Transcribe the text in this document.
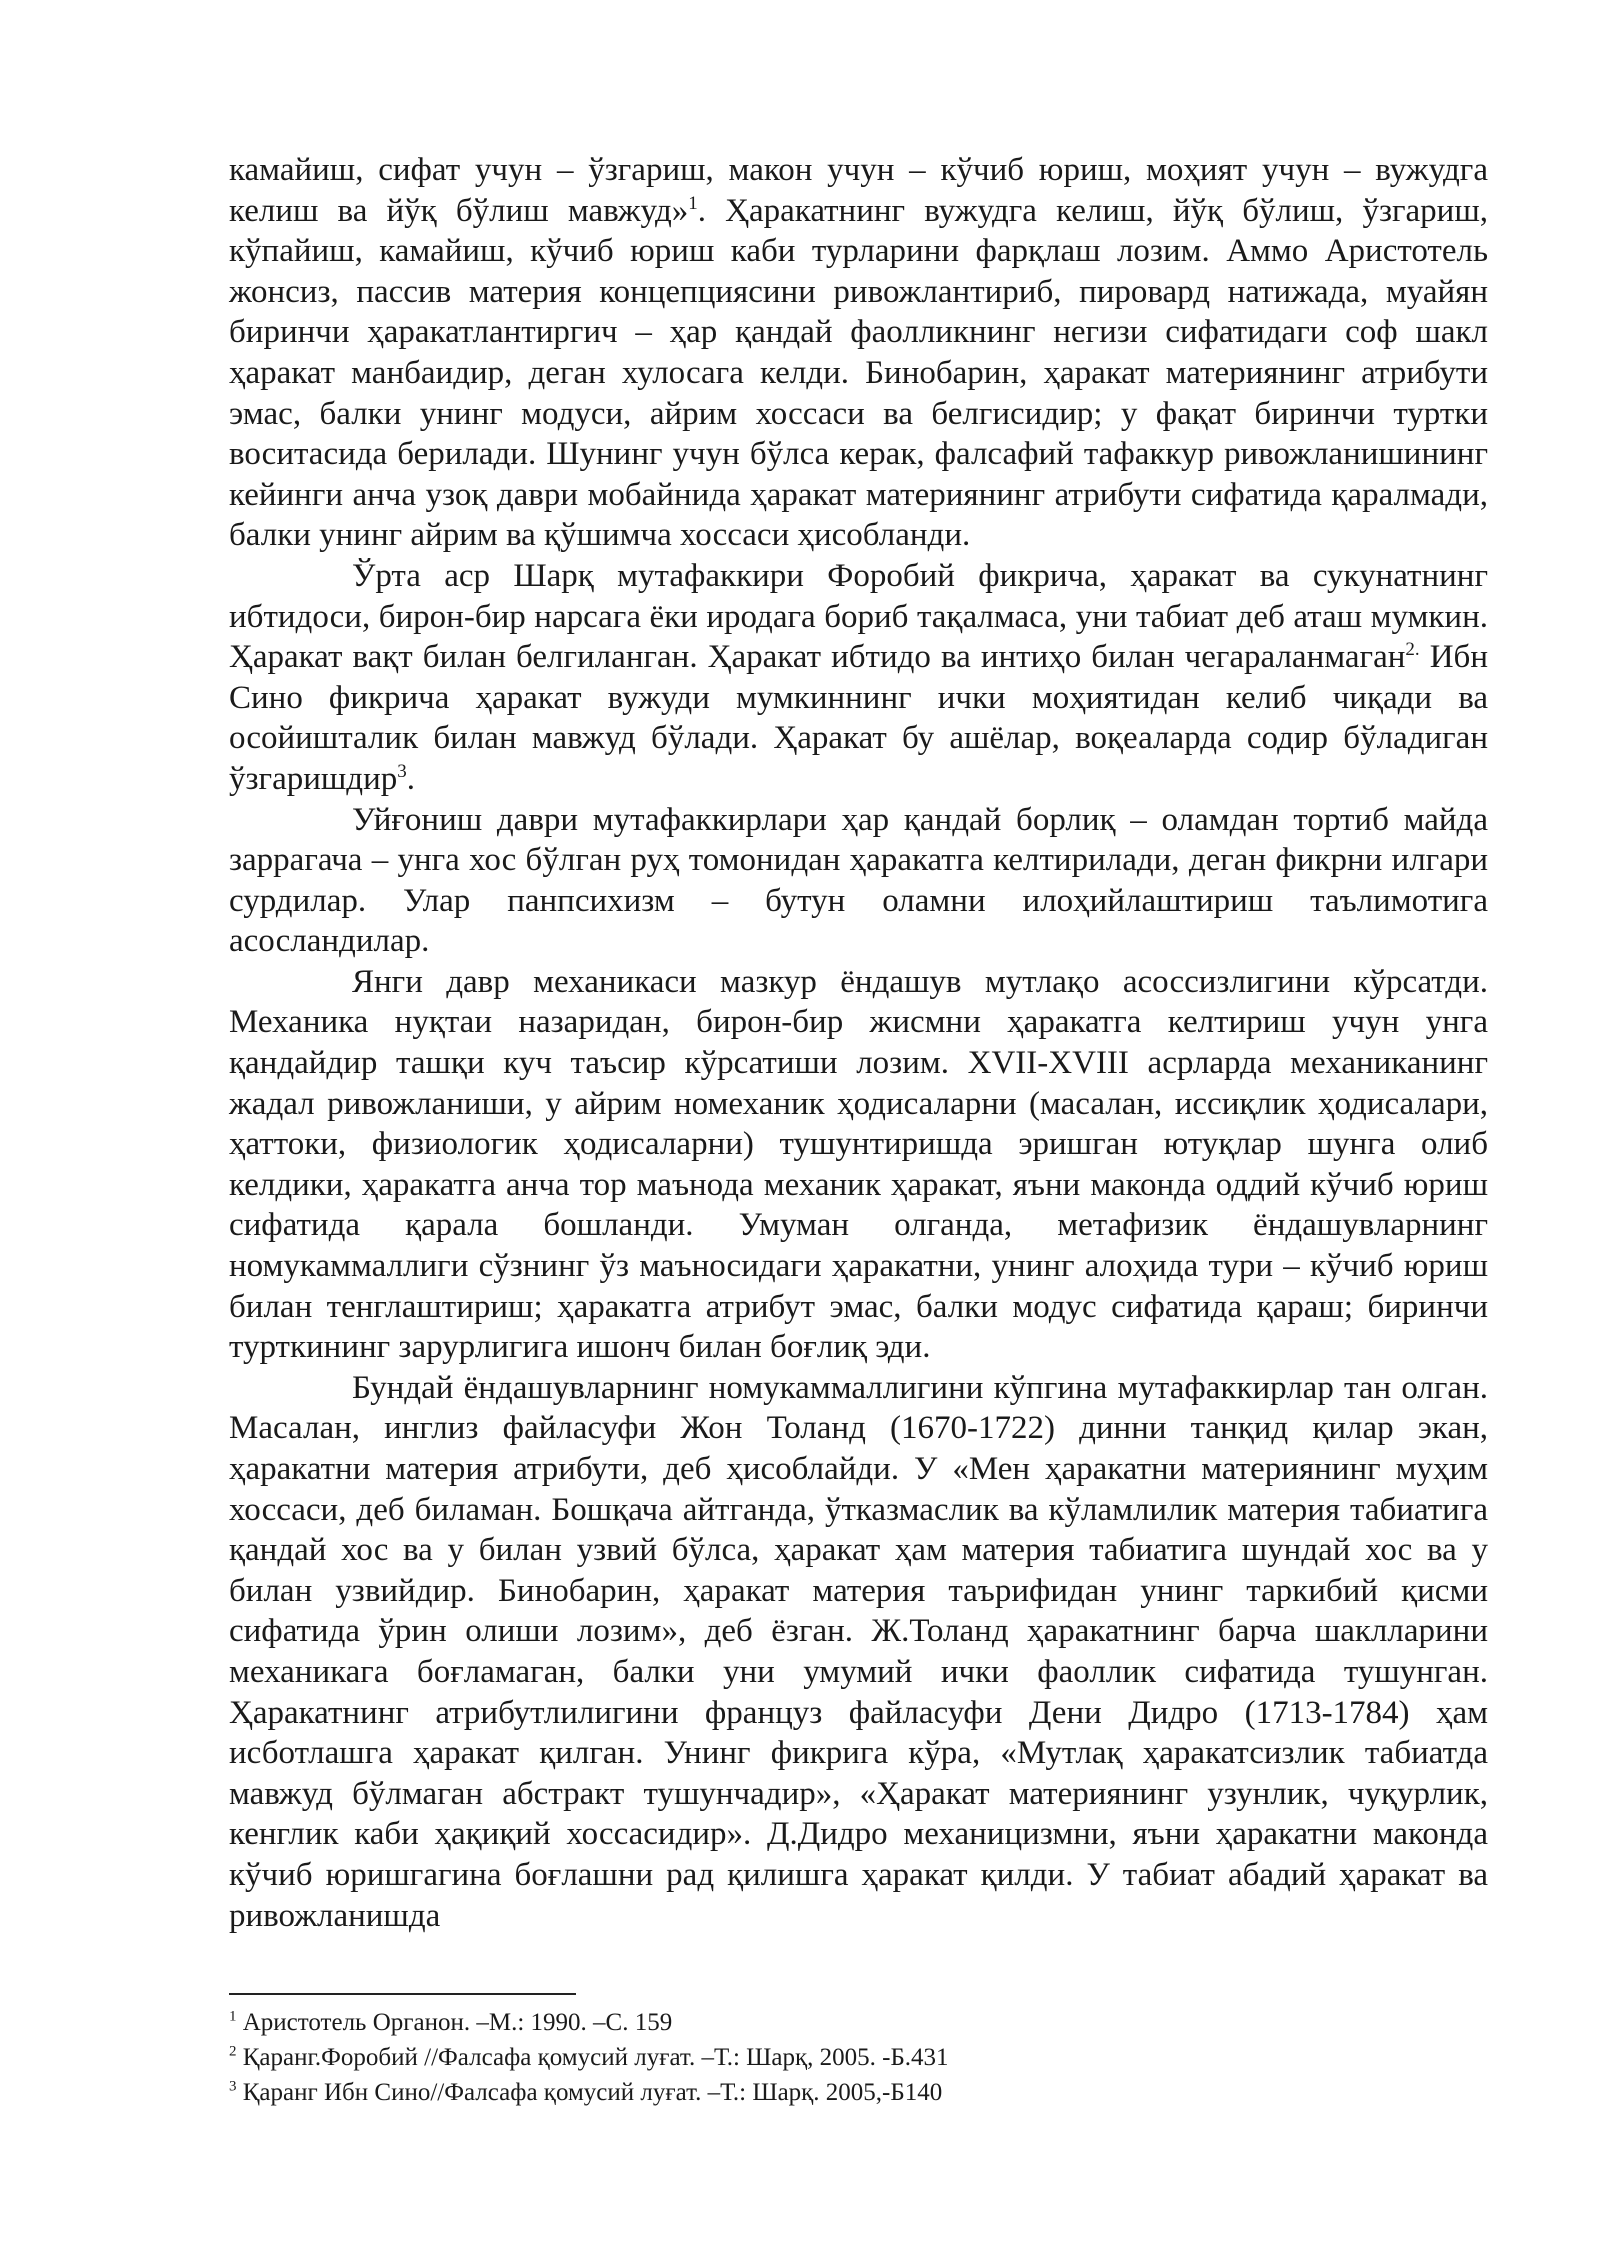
камайиш, сифат учун – ўзгариш, макон учун – кўчиб юриш, моҳият учун – вужудга келиш ва йўқ бўлиш мавжуд»$^1$. Ҳаракатнинг вужудга келиш, йўқ бўлиш, ўзгариш, кўпайиш, камайиш, кўчиб юриш каби турларини фарқлаш лозим. Аммо Аристотель жонсиз, пассив материя концепциясини ривожлантириб, пировард натижада, муайян биринчи ҳаракатлантиргич – ҳар қандай фаолликнинг негизи сифатидаги соф шакл ҳаракат манбаидир, деган хулосага келди. Бинобарин, ҳаракат материянинг атрибути эмас, балки унинг модуси, айрим хоссаси ва белгисидир; у фақат биринчи туртки воситасида берилади. Шунинг учун бўлса керак, фалсафий тафаккур ривожланишининг кейинги анча узоқ даври мобайнида ҳаракат материянинг атрибути сифатида қаралмади, балки унинг айрим ва қўшимча хоссаси ҳисобланди.

Ўрта аср Шарқ мутафаккири Форобий фикрича, ҳаракат ва сукунатнинг ибтидоси, бирон-бир нарсага ёки иродага бориб тақалмаса, уни табиат деб аташ мумкин. Ҳаракат вақт билан белгиланган. Ҳаракат ибтидо ва интиҳо билан чегараланмаган$^{2.}$ Ибн Сино фикрича ҳаракат вужуди мумкиннинг ички моҳиятидан келиб чиқади ва осойишталик билан мавжуд бўлади. Ҳаракат бу ашёлар, воқеаларда содир бўладиган ўзгаришдир$^3$.

Уйғониш даври мутафаккирлари ҳар қандай борлиқ – оламдан тортиб майда заррагача – унга хос бўлган руҳ томонидан ҳаракатга келтирилади, деган фикрни илгари сурдилар. Улар панпсихизм – бутун оламни илоҳийлаштириш таълимотига асосландилар.

Янги давр механикаси мазкур ёндашув мутлақо асоссизлигини кўрсатди. Механика нуқтаи назаридан, бирон-бир жисмни ҳаракатга келтириш учун унга қандайдир ташқи куч таъсир кўрсатиши лозим. XVII-XVIII асрларда механиканинг жадал ривожланиши, у айрим номеханик ҳодисаларни (масалан, иссиқлик ҳодисалари, ҳаттоки, физиологик ҳодисаларни) тушунтиришда эришган ютуқлар шунга олиб келдики, ҳаракатга анча тор маънода механик ҳаракат, яъни маконда оддий кўчиб юриш сифатида қарала бошланди. Умуман олганда, метафизик ёндашувларнинг номукаммаллиги сўзнинг ўз маъносидаги ҳаракатни, унинг алоҳида тури – кўчиб юриш билан тенглаштириш; ҳаракатга атрибут эмас, балки модус сифатида қараш; биринчи турткининг зарурлигига ишонч билан боғлиқ эди.

Бундай ёндашувларнинг номукаммаллигини кўпгина мутафаккирлар тан олган. Масалан, инглиз файласуфи Жон Толанд (1670-1722) динни танқид қилар экан, ҳаракатни материя атрибути, деб ҳисоблайди. У «Мен ҳаракатни материянинг муҳим хоссаси, деб биламан. Бошқача айтганда, ўтказмаслик ва кўламлилик материя табиатига қандай хос ва у билан узвий бўлса, ҳаракат ҳам материя табиатига шундай хос ва у билан узвийдир. Бинобарин, ҳаракат материя таърифидан унинг таркибий қисми сифатида ўрин олиши лозим», деб ёзган. Ж.Толанд ҳаракатнинг барча шаклларини механикага боғламаган, балки уни умумий ички фаоллик сифатида тушунган. Ҳаракатнинг атрибутлилигини француз файласуфи Дени Дидро (1713-1784) ҳам исботлашга ҳаракат қилган. Унинг фикрига кўра, «Мутлақ ҳаракатсизлик табиатда мавжуд бўлмаган абстракт тушунчадир», «Ҳаракат материянинг узунлик, чуқурлик, кенглик каби ҳақиқий хоссасидир». Д.Дидро механицизмни, яъни ҳаракатни маконда кўчиб юришгагина боғлашни рад қилишга ҳаракат қилди. У табиат абадий ҳаракат ва ривожланишда

$^1$ Аристотель Органон. –М.: 1990. –С. 159
$^2$ Қаранг.Форобий //Фалсафа қомусий луғат. –Т.: Шарқ, 2005. -Б.431
$^3$ Қаранг Ибн Сино//Фалсафа қомусий луғат. –Т.: Шарқ. 2005,-Б140
